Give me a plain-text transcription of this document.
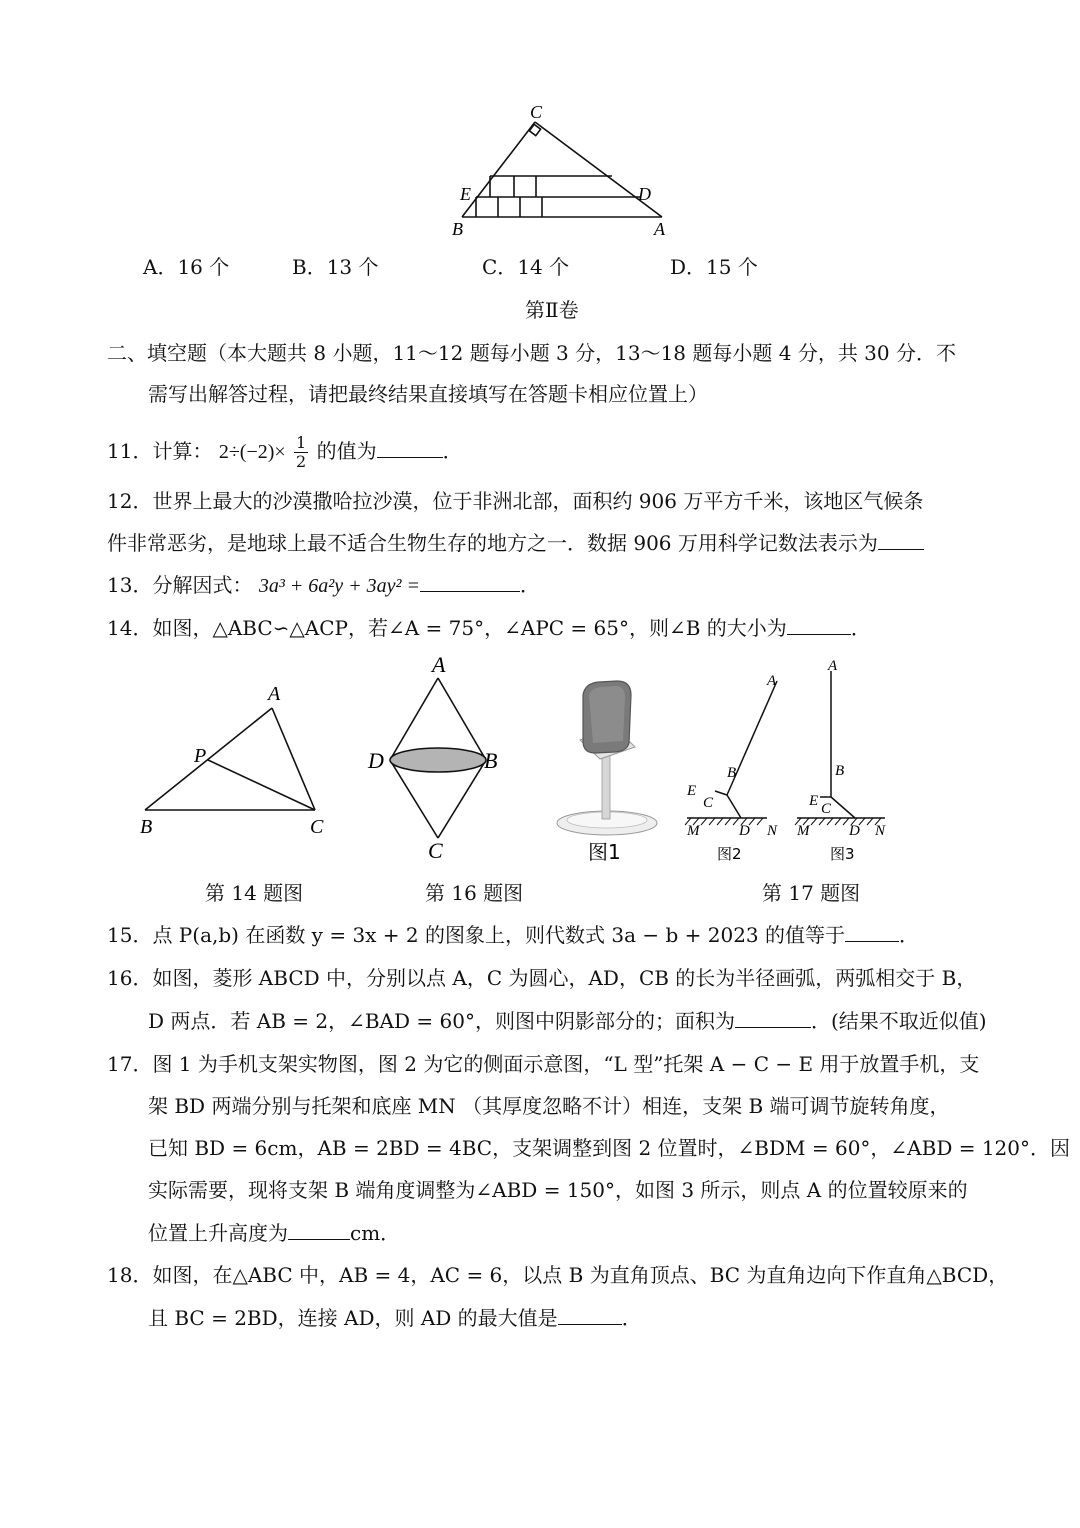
C
E	D
B	A
A．16 个	B．13 个	C．14 个	D．15 个
第Ⅱ卷
二、填空题（本大题共 8 小题，11～12 题每小题 3 分，13～18 题每小题 4 分，共 30 分．不
需写出解答过程，请把最终结果直接填写在答题卡相应位置上）
11．计算： $2\div(-2)\times \frac{1}{2}$ 的值为	．
12．世界上最大的沙漠撒哈拉沙漠，位于非洲北部，面积约 906 万平方千米，该地区气候条
件非常恶劣，是地球上最不适合生物生存的地方之一．数据 906 万用科学记数法表示为
13．分解因式： 3a³ + 6a²y + 3ay² =	．
14．如图，△ABC∽△ACP，若∠A = 75°，∠APC = 65°，则∠B 的大小为	．
A
P
B	C
A
D	B
C	图1
A
B
E
C
M	D N
图2
A
B
E C
M	D N
图3
第 14 题图	第 16 题图	第 17 题图
15．点 P(a,b) 在函数 y = 3x + 2 的图象上，则代数式 3a − b + 2023 的值等于	．
16．如图，菱形 ABCD 中，分别以点 A，C 为圆心，AD，CB 的长为半径画弧，两弧相交于 B，
D 两点．若 AB = 2，∠BAD = 60°，则图中阴影部分的；面积为	．(结果不取近似值)
17．图 1 为手机支架实物图，图 2 为它的侧面示意图，“L 型”托架 A − C − E 用于放置手机，支
架 BD 两端分别与托架和底座 MN （其厚度忽略不计）相连，支架 B 端可调节旋转角度，
已知 BD = 6cm，AB = 2BD = 4BC，支架调整到图 2 位置时，∠BDM = 60°，∠ABD = 120°．因
实际需要，现将支架 B 端角度调整为∠ABD = 150°，如图 3 所示，则点 A 的位置较原来的
位置上升高度为	cm．
18．如图，在△ABC 中，AB = 4，AC = 6，以点 B 为直角顶点、BC 为直角边向下作直角△BCD，
且 BC = 2BD，连接 AD，则 AD 的最大值是	．
